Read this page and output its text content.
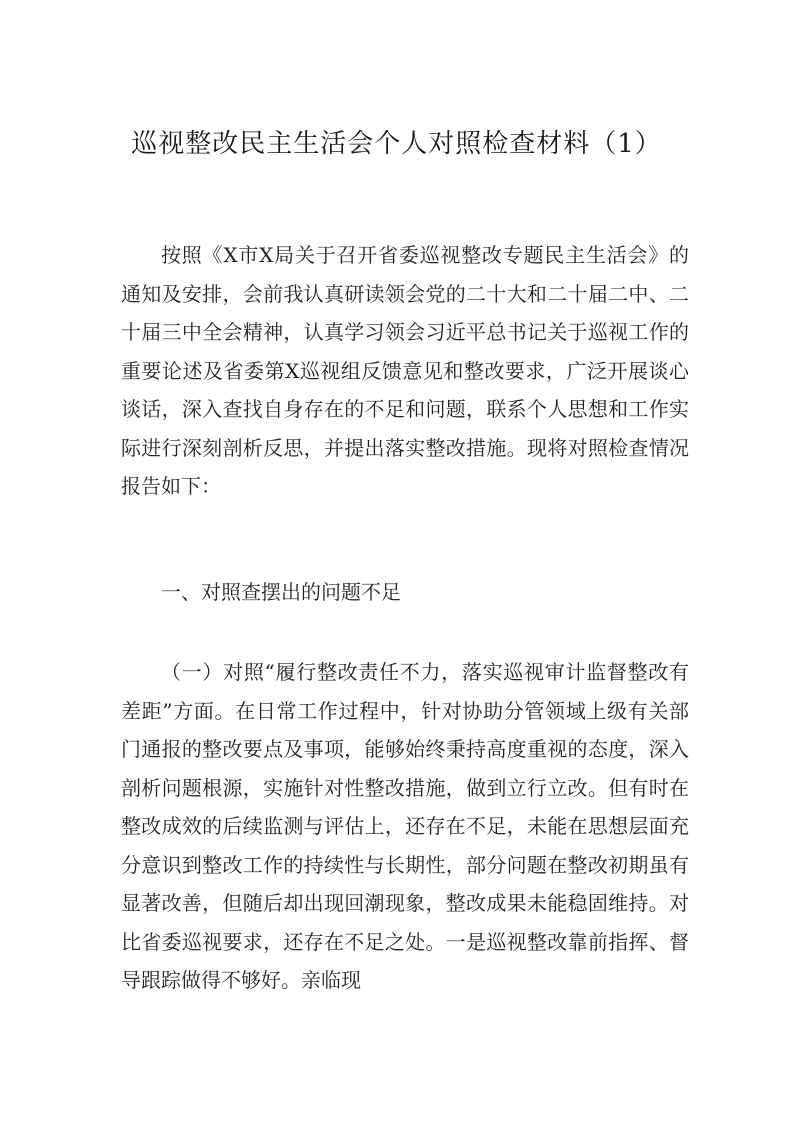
巡视整改民主生活会个人对照检查材料（1）

按照《X市X局关于召开省委巡视整改专题民主生活会》的通知及安排，会前我认真研读领会党的二十大和二十届二中、二十届三中全会精神，认真学习领会习近平总书记关于巡视工作的重要论述及省委第X巡视组反馈意见和整改要求，广泛开展谈心谈话，深入查找自身存在的不足和问题，联系个人思想和工作实际进行深刻剖析反思，并提出落实整改措施。现将对照检查情况报告如下：

一、对照查摆出的问题不足

（一）对照“履行整改责任不力，落实巡视审计监督整改有差距”方面。在日常工作过程中，针对协助分管领域上级有关部门通报的整改要点及事项，能够始终秉持高度重视的态度，深入剖析问题根源，实施针对性整改措施，做到立行立改。但有时在整改成效的后续监测与评估上，还存在不足，未能在思想层面充分意识到整改工作的持续性与长期性，部分问题在整改初期虽有显著改善，但随后却出现回潮现象，整改成果未能稳固维持。对比省委巡视要求，还存在不足之处。一是巡视整改靠前指挥、督导跟踪做得不够好。亲临现
